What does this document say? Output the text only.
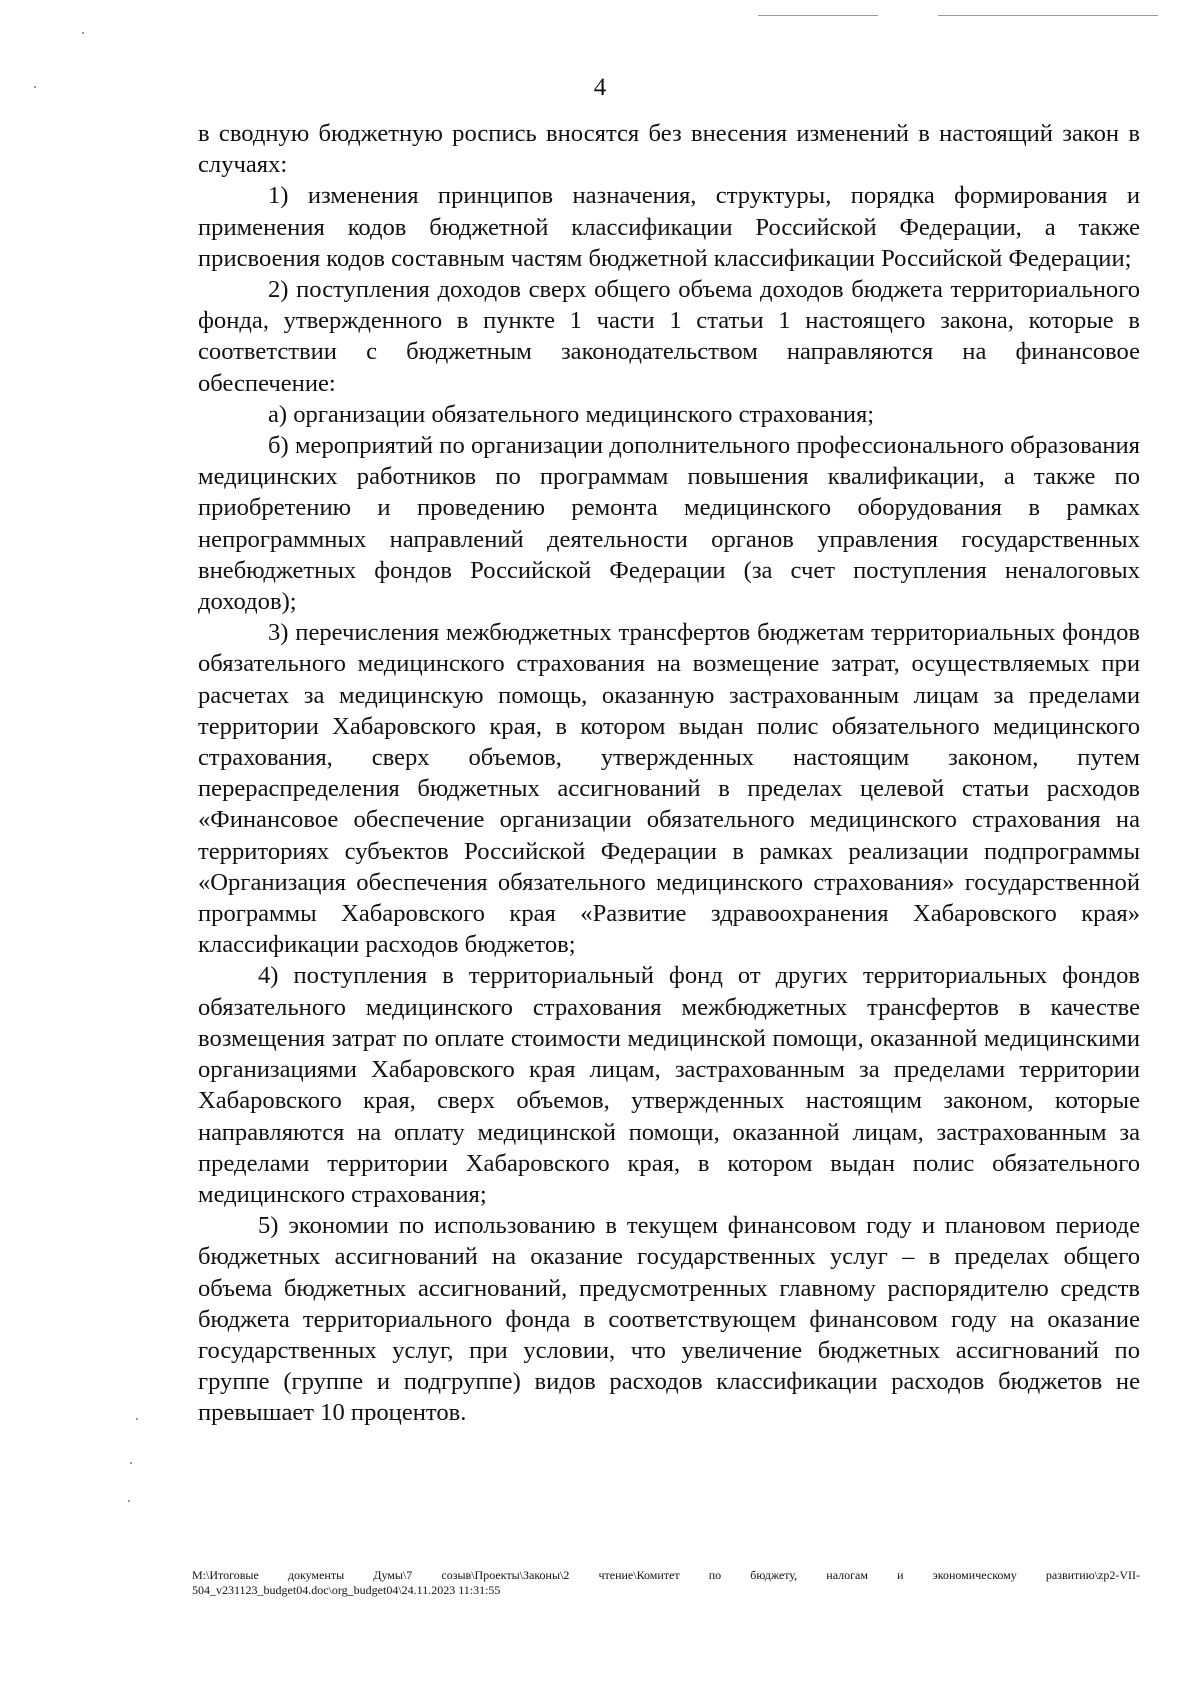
4

в сводную бюджетную роспись вносятся без внесения изменений в настоящий закон в случаях:

1) изменения принципов назначения, структуры, порядка формирования и применения кодов бюджетной классификации Российской Федерации, а также присвоения кодов составным частям бюджетной классификации Российской Федерации;

2) поступления доходов сверх общего объема доходов бюджета территориального фонда, утвержденного в пункте 1 части 1 статьи 1 настоящего закона, которые в соответствии с бюджетным законодательством направляются на финансовое обеспечение:

а) организации обязательного медицинского страхования;

б) мероприятий по организации дополнительного профессионального образования медицинских работников по программам повышения квалификации, а также по приобретению и проведению ремонта медицинского оборудования в рамках непрограммных направлений деятельности органов управления государственных внебюджетных фондов Российской Федерации (за счет поступления неналоговых доходов);

3) перечисления межбюджетных трансфертов бюджетам территориальных фондов обязательного медицинского страхования на возмещение затрат, осуществляемых при расчетах за медицинскую помощь, оказанную застрахованным лицам за пределами территории Хабаровского края, в котором выдан полис обязательного медицинского страхования, сверх объемов, утвержденных настоящим законом, путем перераспределения бюджетных ассигнований в пределах целевой статьи расходов «Финансовое обеспечение организации обязательного медицинского страхования на территориях субъектов Российской Федерации в рамках реализации подпрограммы «Организация обеспечения обязательного медицинского страхования» государственной программы Хабаровского края «Развитие здравоохранения Хабаровского края» классификации расходов бюджетов;

4) поступления в территориальный фонд от других территориальных фондов обязательного медицинского страхования межбюджетных трансфертов в качестве возмещения затрат по оплате стоимости медицинской помощи, оказанной медицинскими организациями Хабаровского края лицам, застрахованным за пределами территории Хабаровского края, сверх объемов, утвержденных настоящим законом, которые направляются на оплату медицинской помощи, оказанной лицам, застрахованным за пределами территории Хабаровского края, в котором выдан полис обязательного медицинского страхования;

5) экономии по использованию в текущем финансовом году и плановом периоде бюджетных ассигнований на оказание государственных услуг – в пределах общего объема бюджетных ассигнований, предусмотренных главному распорядителю средств бюджета территориального фонда в соответствующем финансовом году на оказание государственных услуг, при условии, что увеличение бюджетных ассигнований по группе (группе и подгруппе) видов расходов классификации расходов бюджетов не превышает 10 процентов.

M:\Итоговые документы Думы\7 созыв\Проекты\Законы\2 чтение\Комитет по бюджету, налогам и экономическому развитию\zp2-VII-504_v231123_budget04.doc\org_budget04\24.11.2023 11:31:55
